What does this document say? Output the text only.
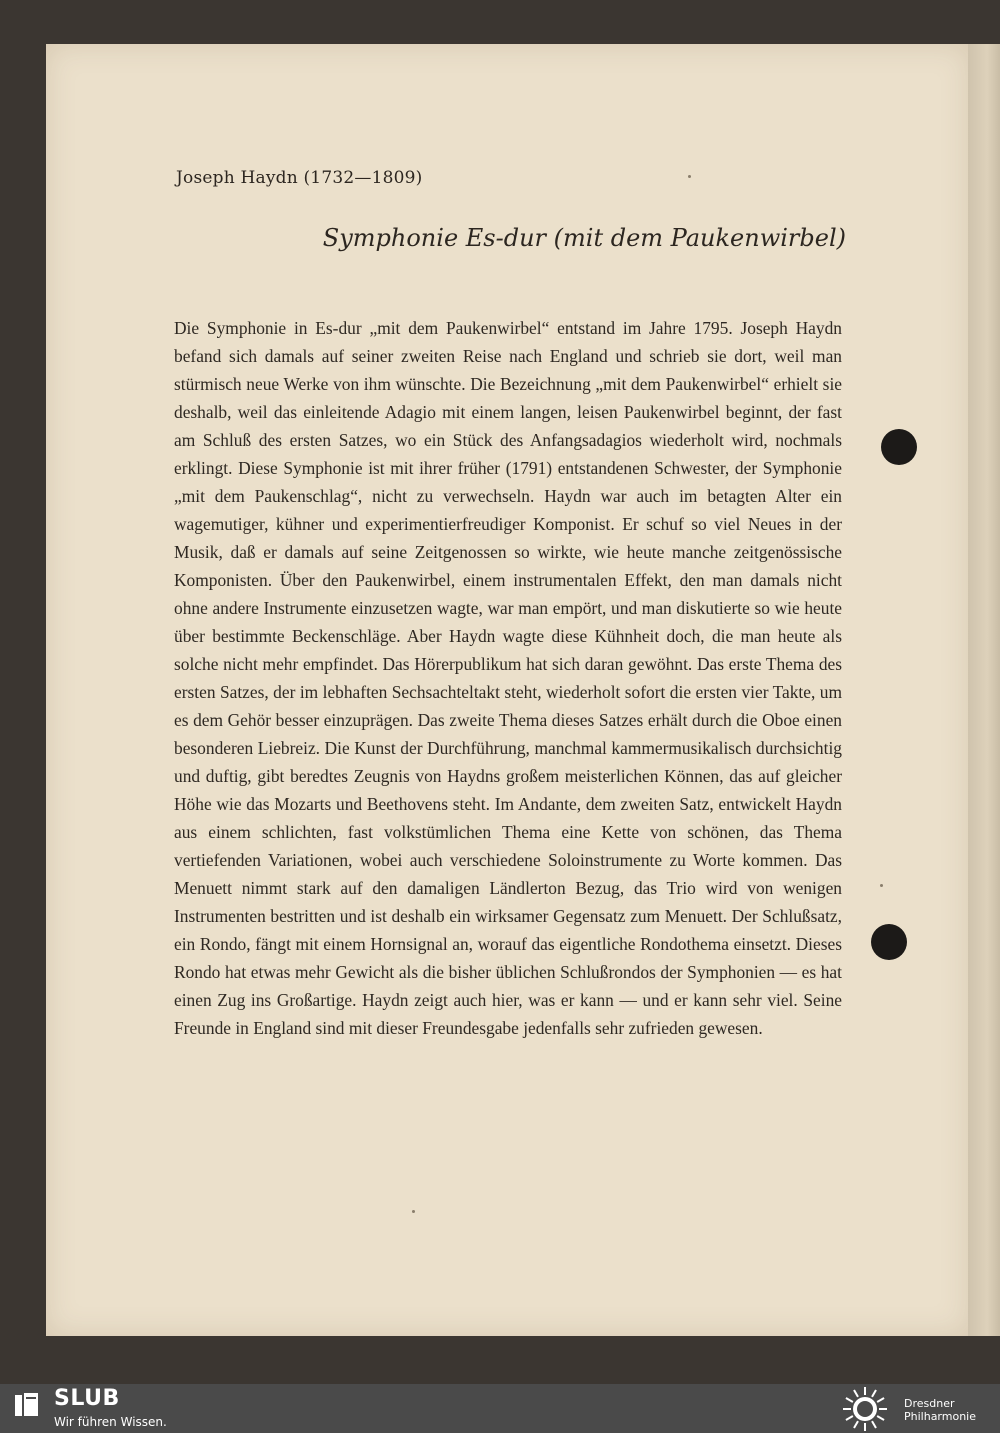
Joseph Haydn (1732—1809)
Symphonie Es-dur (mit dem Paukenwirbel)

Die Symphonie in Es-dur „mit dem Paukenwirbel“ entstand im Jahre 1795. Joseph Haydn befand sich damals auf seiner zweiten Reise nach England und schrieb sie dort, weil man stürmisch neue Werke von ihm wünschte. Die Bezeichnung „mit dem Paukenwirbel“ erhielt sie deshalb, weil das einleitende Adagio mit einem langen, leisen Paukenwirbel beginnt, der fast am Schluß des ersten Satzes, wo ein Stück des Anfangsadagios wiederholt wird, nochmals erklingt. Diese Symphonie ist mit ihrer früher (1791) entstandenen Schwester, der Symphonie „mit dem Paukenschlag“, nicht zu verwechseln. Haydn war auch im betagten Alter ein wagemutiger, kühner und experimentierfreudiger Komponist. Er schuf so viel Neues in der Musik, daß er damals auf seine Zeitgenossen so wirkte, wie heute manche zeitgenössische Komponisten. Über den Paukenwirbel, einem instrumentalen Effekt, den man damals nicht ohne andere Instrumente einzusetzen wagte, war man empört, und man diskutierte so wie heute über bestimmte Beckenschläge. Aber Haydn wagte diese Kühnheit doch, die man heute als solche nicht mehr empfindet. Das Hörerpublikum hat sich daran gewöhnt. Das erste Thema des ersten Satzes, der im lebhaften Sechsachteltakt steht, wiederholt sofort die ersten vier Takte, um es dem Gehör besser einzuprägen. Das zweite Thema dieses Satzes erhält durch die Oboe einen besonderen Liebreiz. Die Kunst der Durchführung, manchmal kammermusikalisch durchsichtig und duftig, gibt beredtes Zeugnis von Haydns großem meisterlichen Können, das auf gleicher Höhe wie das Mozarts und Beethovens steht. Im Andante, dem zweiten Satz, entwickelt Haydn aus einem schlichten, fast volkstümlichen Thema eine Kette von schönen, das Thema vertiefenden Variationen, wobei auch verschiedene Soloinstrumente zu Worte kommen. Das Menuett nimmt stark auf den damaligen Ländlerton Bezug, das Trio wird von wenigen Instrumenten bestritten und ist deshalb ein wirksamer Gegensatz zum Menuett. Der Schlußsatz, ein Rondo, fängt mit einem Hornsignal an, worauf das eigentliche Rondothema einsetzt. Dieses Rondo hat etwas mehr Gewicht als die bisher üblichen Schlußrondos der Symphonien — es hat einen Zug ins Großartige. Haydn zeigt auch hier, was er kann — und er kann sehr viel. Seine Freunde in England sind mit dieser Freundesgabe jedenfalls sehr zufrieden gewesen.

SLUB
Wir führen Wissen.
Dresdner
Philharmonie
